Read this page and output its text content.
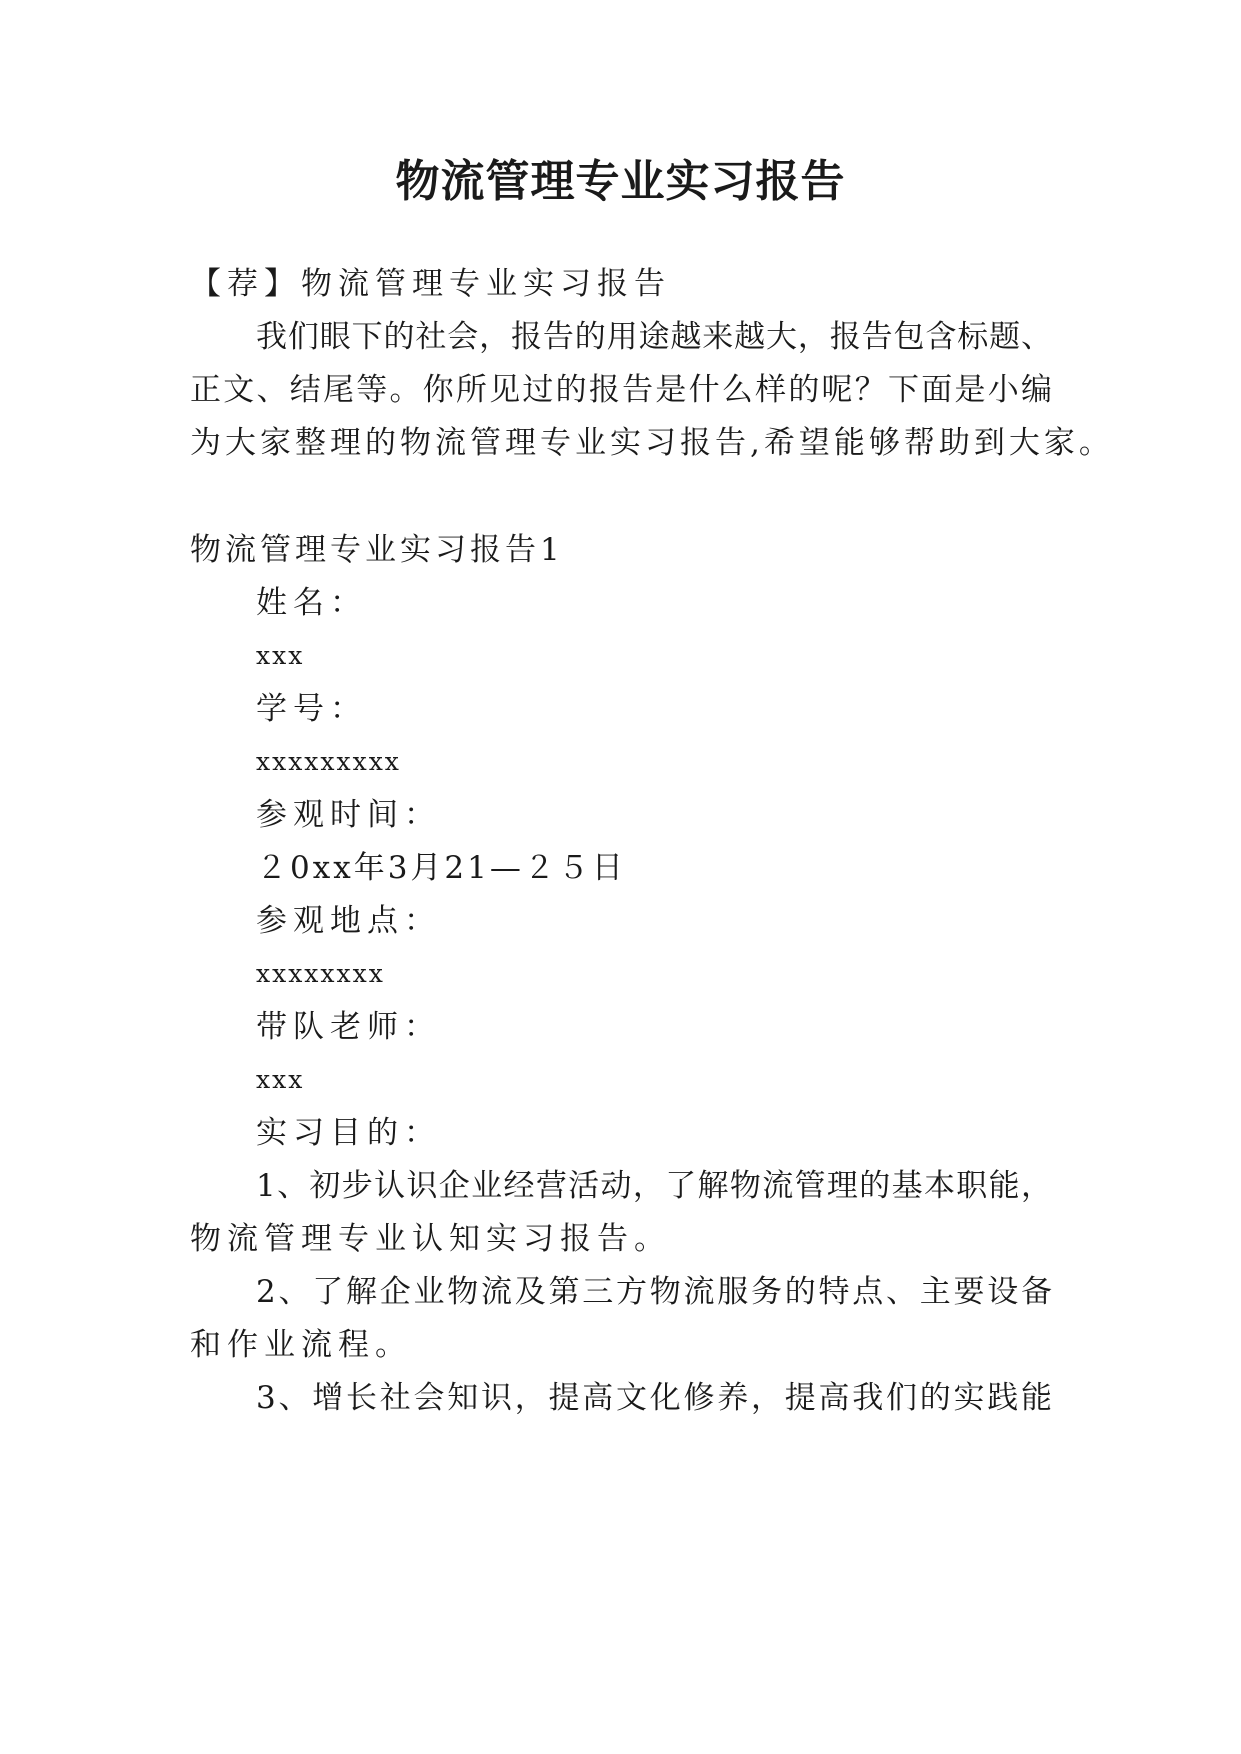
物流管理专业实习报告
【荐】物流管理专业实习报告
我们眼下的社会，报告的用途越来越大，报告包含标题、
正文、结尾等。你所见过的报告是什么样的呢？下面是小编
为大家整理的物流管理专业实习报告,希望能够帮助到大家。
物流管理专业实习报告1
姓名：
xxx
学号：
xxxxxxxxx
参观时间：
２0xx年3月21—２５日
参观地点：
xxxxxxxx
带队老师：
xxx
实习目的：
1、初步认识企业经营活动，了解物流管理的基本职能，
物流管理专业认知实习报告。
2、了解企业物流及第三方物流服务的特点、主要设备
和作业流程。
3、增长社会知识，提高文化修养，提高我们的实践能
